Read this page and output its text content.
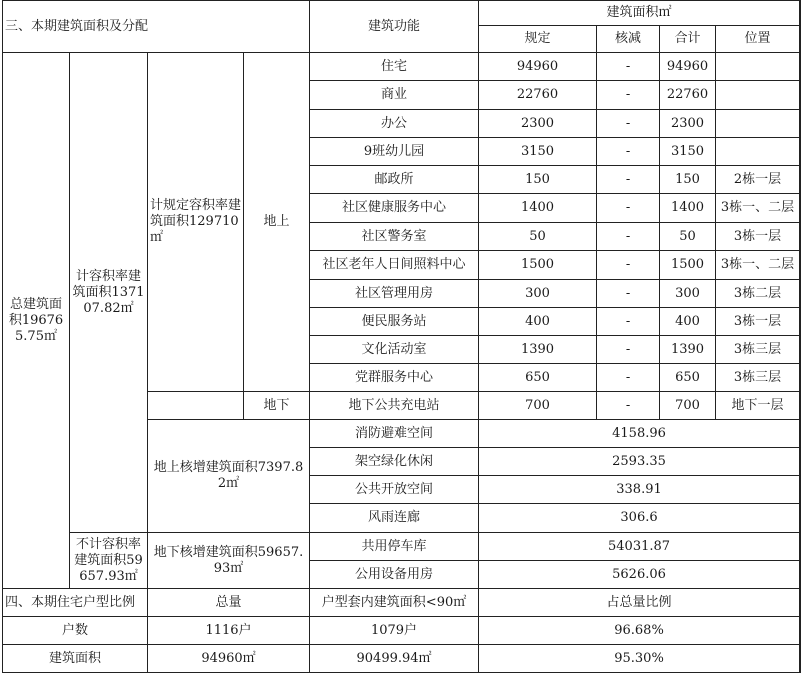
三、本期建筑面积及分配				建筑功能	建筑面积㎡			
					规定	核减	合计	位置
总建筑面积196765.75㎡	计容积率建筑面积137107.82㎡	计规定容积率建筑面积129710㎡	地上	住宅	94960	-	94960	
				商业	22760	-	22760	
				办公	2300	-	2300	
				9班幼儿园	3150	-	3150	
				邮政所	150	-	150	2栋一层
				社区健康服务中心	1400	-	1400	3栋一、二层
				社区警务室	50	-	50	3栋一层
				社区老年人日间照料中心	1500	-	1500	3栋一、二层
				社区管理用房	300	-	300	3栋二层
				便民服务站	400	-	400	3栋一层
				文化活动室	1390	-	1390	3栋三层
				党群服务中心	650	-	650	3栋三层
			地下	地下公共充电站	700	-	700	地下一层
		地上核增建筑面积7397.82㎡		消防避难空间	4158.96			
				架空绿化休闲	2593.35			
				公共开放空间	338.91			
				风雨连廊	306.6			
	不计容积率建筑面积59657.93㎡	地下核增建筑面积59657.93㎡		共用停车库	54031.87			
				公用设备用房	5626.06			
四、本期住宅户型比例		总量		户型套内建筑面积<90㎡	占总量比例			
户数		1116户		1079户	96.68%			
建筑面积		94960㎡		90499.94㎡	95.30%			
